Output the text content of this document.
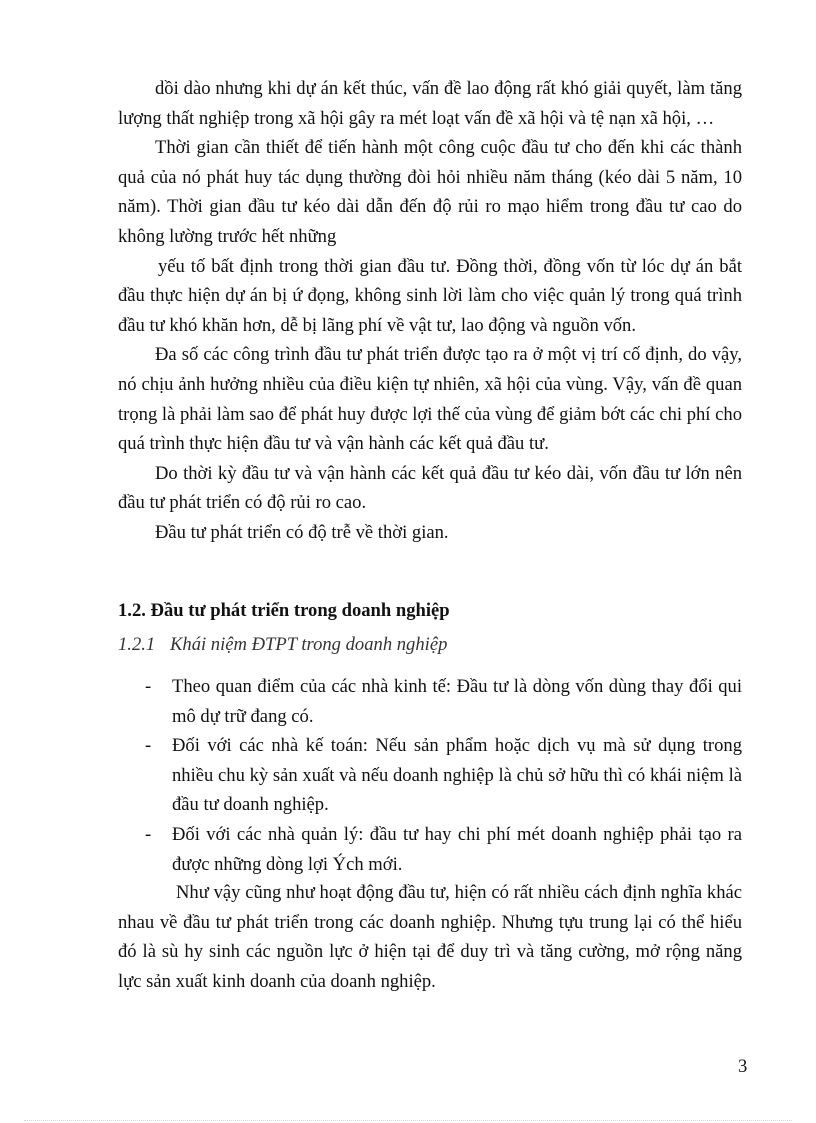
dồi dào nhưng khi dự án kết thúc, vấn đề lao động rất khó giải quyết, làm tăng lượng thất nghiệp trong xã hội gây ra mét loạt vấn đề xã hội và tệ nạn xã hội, …

Thời gian cần thiết để tiến hành một công cuộc đầu tư cho đến khi các thành quả của nó phát huy tác dụng thường đòi hỏi nhiều năm tháng (kéo dài 5 năm, 10 năm). Thời gian đầu tư kéo dài dẫn đến độ rủi ro mạo hiểm trong đầu tư cao do không lường trước hết những

yếu tố bất định trong thời gian đầu tư. Đồng thời, đồng vốn từ lóc dự án bắt đầu thực hiện dự án bị ứ đọng, không sinh lời làm cho việc quản lý trong quá trình đầu tư khó khăn hơn, dễ bị lãng phí về vật tư, lao động và nguồn vốn.

Đa số các công trình đầu tư phát triển được tạo ra ở một vị trí cố định, do vậy, nó chịu ảnh hưởng nhiều của điều kiện tự nhiên, xã hội của vùng. Vậy, vấn đề quan trọng là phải làm sao để phát huy được lợi thế của vùng để giảm bớt các chi phí cho quá trình thực hiện đầu tư và vận hành các kết quả đầu tư.

Do thời kỳ đầu tư và vận hành các kết quả đầu tư kéo dài, vốn đầu tư lớn nên đầu tư phát triển có độ rủi ro cao.

Đầu tư phát triển có độ trễ về thời gian.

1.2. Đầu tư phát triển trong doanh nghiệp
1.2.1 Khái niệm ĐTPT trong doanh nghiệp
-	Theo quan điểm của các nhà kinh tế: Đầu tư là dòng vốn dùng thay đổi qui mô dự trữ đang có.
-	Đối với các nhà kế toán: Nếu sản phẩm hoặc dịch vụ mà sử dụng trong nhiều chu kỳ sản xuất và nếu doanh nghiệp là chủ sở hữu thì có khái niệm là đầu tư doanh nghiệp.
-	Đối với các nhà quản lý: đầu tư hay chi phí mét doanh nghiệp phải tạo ra được những dòng lợi Ých mới.

Như vậy cũng như hoạt động đầu tư, hiện có rất nhiều cách định nghĩa khác nhau về đầu tư phát triển trong các doanh nghiệp. Nhưng tựu trung lại có thể hiểu đó là sù hy sinh các nguồn lực ở hiện tại để duy trì và tăng cường, mở rộng năng lực sản xuất kinh doanh của doanh nghiệp.

3
